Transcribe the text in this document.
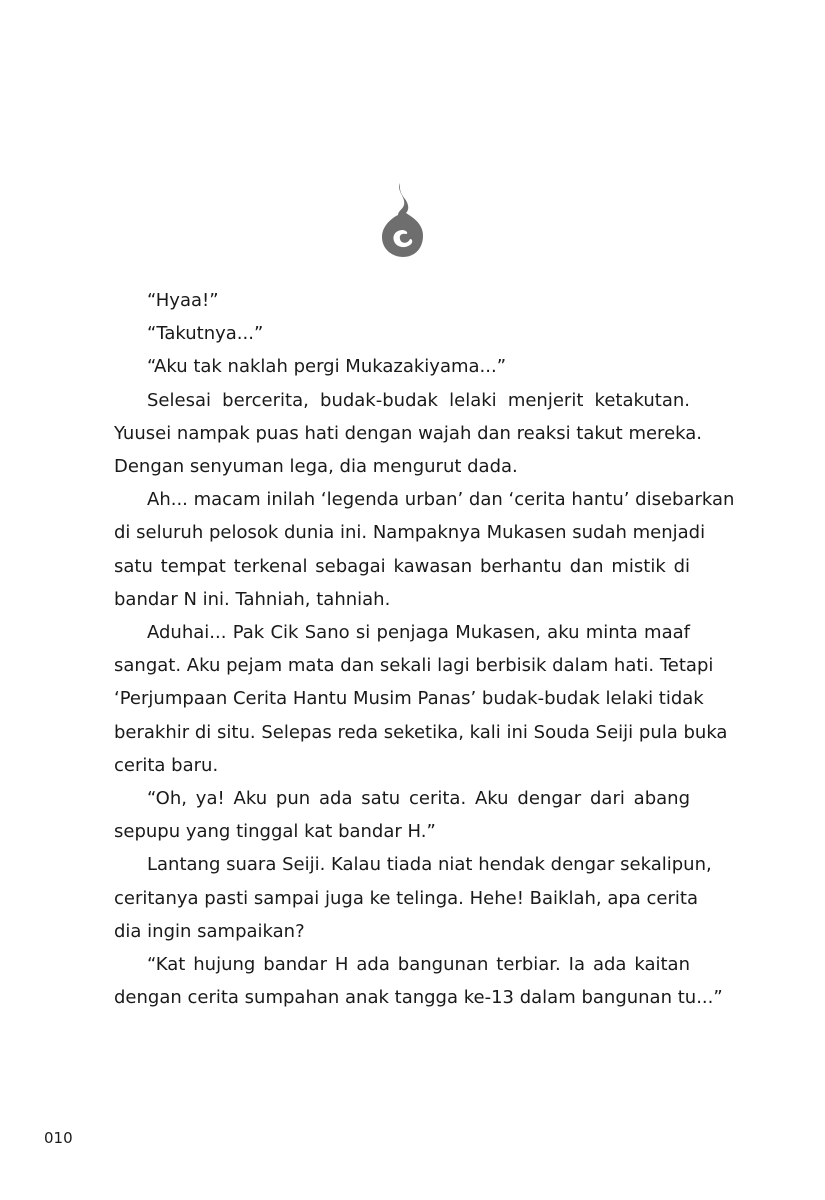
“Hyaa!”
“Takutnya...”
“Aku tak naklah pergi Mukazakiyama...”
Selesai bercerita, budak-budak lelaki menjerit ketakutan.
Yuusei nampak puas hati dengan wajah dan reaksi takut mereka.
Dengan senyuman lega, dia mengurut dada.
Ah... macam inilah ‘legenda urban’ dan ‘cerita hantu’ disebarkan
di seluruh pelosok dunia ini. Nampaknya Mukasen sudah menjadi
satu tempat terkenal sebagai kawasan berhantu dan mistik di
bandar N ini. Tahniah, tahniah.
Aduhai... Pak Cik Sano si penjaga Mukasen, aku minta maaf
sangat. Aku pejam mata dan sekali lagi berbisik dalam hati. Tetapi
‘Perjumpaan Cerita Hantu Musim Panas’ budak-budak lelaki tidak
berakhir di situ. Selepas reda seketika, kali ini Souda Seiji pula buka
cerita baru.
“Oh, ya! Aku pun ada satu cerita. Aku dengar dari abang
sepupu yang tinggal kat bandar H.”
Lantang suara Seiji. Kalau tiada niat hendak dengar sekalipun,
ceritanya pasti sampai juga ke telinga. Hehe! Baiklah, apa cerita
dia ingin sampaikan?
“Kat hujung bandar H ada bangunan terbiar. Ia ada kaitan
dengan cerita sumpahan anak tangga ke-13 dalam bangunan tu...”
010
